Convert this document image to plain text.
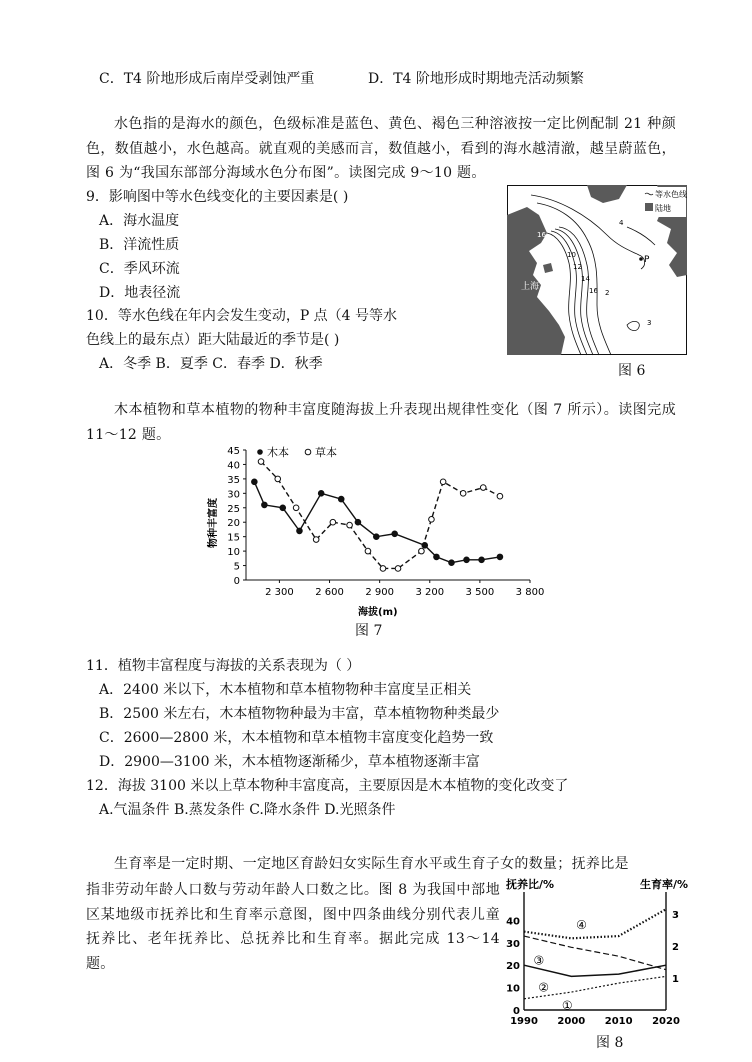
C．T4 阶地形成后南岸受剥蚀严重	D．T4 阶地形成时期地壳活动频繁
水色指的是海水的颜色，色级标准是蓝色、黄色、褐色三种溶液按一定比例配制 21 种颜色，数值越小，水色越高。就直观的美感而言，数值越小，看到的海水越清澈，越呈蔚蓝色，图 6 为“我国东部部分海域水色分布图”。读图完成 9～10 题。
9．影响图中等水色线变化的主要因素是( )
A．海水温度
B．洋流性质
C．季风环流
D．地表径流
10．等水色线在年内会发生变动，P 点（4 号等水
色线上的最东点）距大陆最近的季节是( )
A．冬季 B．夏季 C．春季 D．秋季
P
上海
4
16
10
12
14
16
3
2
等水色线
陆地
图 6
木本植物和草本植物的物种丰富度随海拔上升表现出规律性变化（图 7 所示）。读图完成 11～12 题。
0
5
10
15
20
25
30
35
40
45
2 300 2 600 2 900 3 200 3 500 3 800
木本 草本
物种丰富度
海拔(m)
图 7
11．植物丰富程度与海拔的关系表现为（ ）
A．2400 米以下，木本植物和草本植物物种丰富度呈正相关
B．2500 米左右，木本植物物种最为丰富，草本植物物种类最少
C．2600—2800 米，木本植物和草本植物丰富度变化趋势一致
D．2900—3100 米，木本植物逐渐稀少，草本植物逐渐丰富
12．海拔 3100 米以上草本物种丰富度高，主要原因是木本植物的变化改变了
A.气温条件 B.蒸发条件 C.降水条件 D.光照条件
生育率是一定时期、一定地区育龄妇女实际生育水平或生育子女的数量；抚养比是
指非劳动年龄人口数与劳动年龄人口数之比。图 8 为我国中部地区某地级市抚养比和生育率示意图，图中四条曲线分别代表儿童抚养比、老年抚养比、总抚养比和生育率。据此完成 13～14 题。
抚养比/%	生育率/%
0
10
20
30
40
1
2
3
1990 2000 2010 2020
①
②
③
④
图 8
